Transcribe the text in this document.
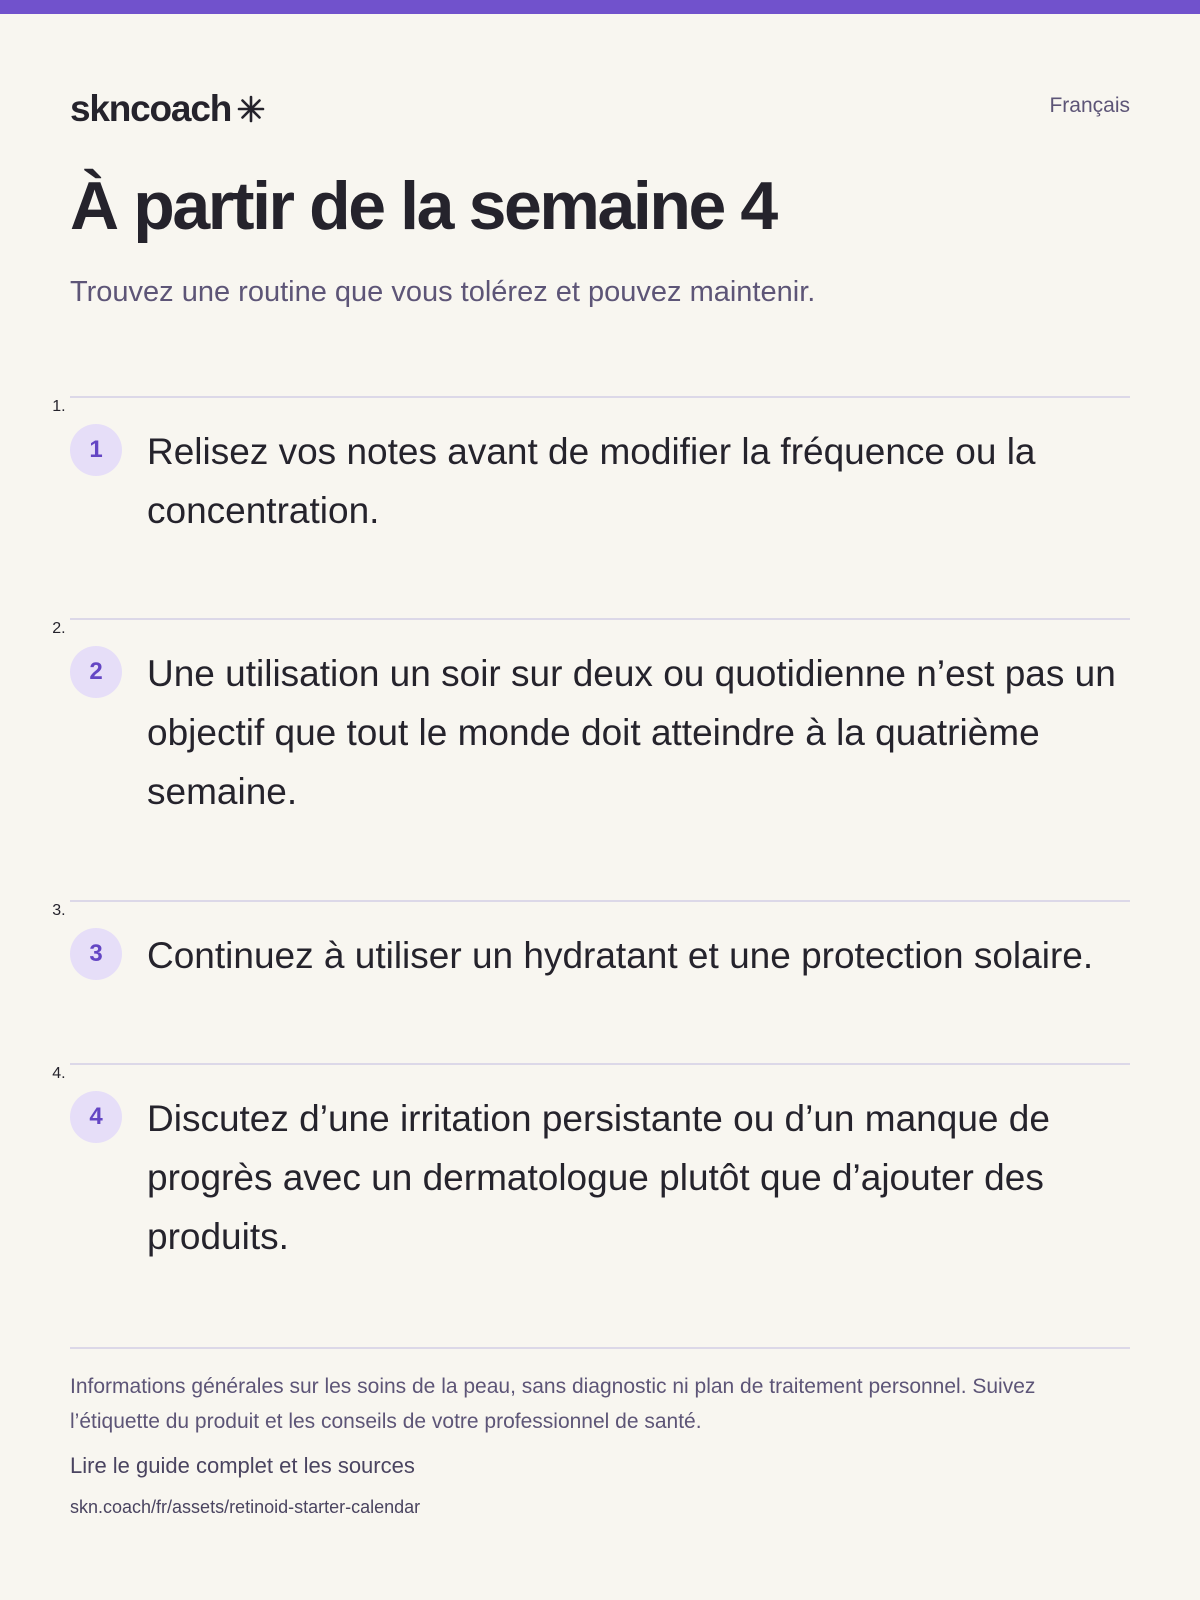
skncoach	Français
À partir de la semaine 4

Trouvez une routine que vous tolérez et pouvez maintenir.

1. 1	Relisez vos notes avant de modifier la fréquence ou la concentration.

2. 2	Une utilisation un soir sur deux ou quotidienne n’est pas un objectif que tout le monde doit atteindre à la quatrième semaine.

3. 3	Continuez à utiliser un hydratant et une protection solaire.

4. 4	Discutez d’une irritation persistante ou d’un manque de progrès avec un dermatologue plutôt que d’ajouter des produits.

Informations générales sur les soins de la peau, sans diagnostic ni plan de traitement personnel. Suivez l’étiquette du produit et les conseils de votre professionnel de santé.

Lire le guide complet et les sources

skn.coach/fr/assets/retinoid-starter-calendar
